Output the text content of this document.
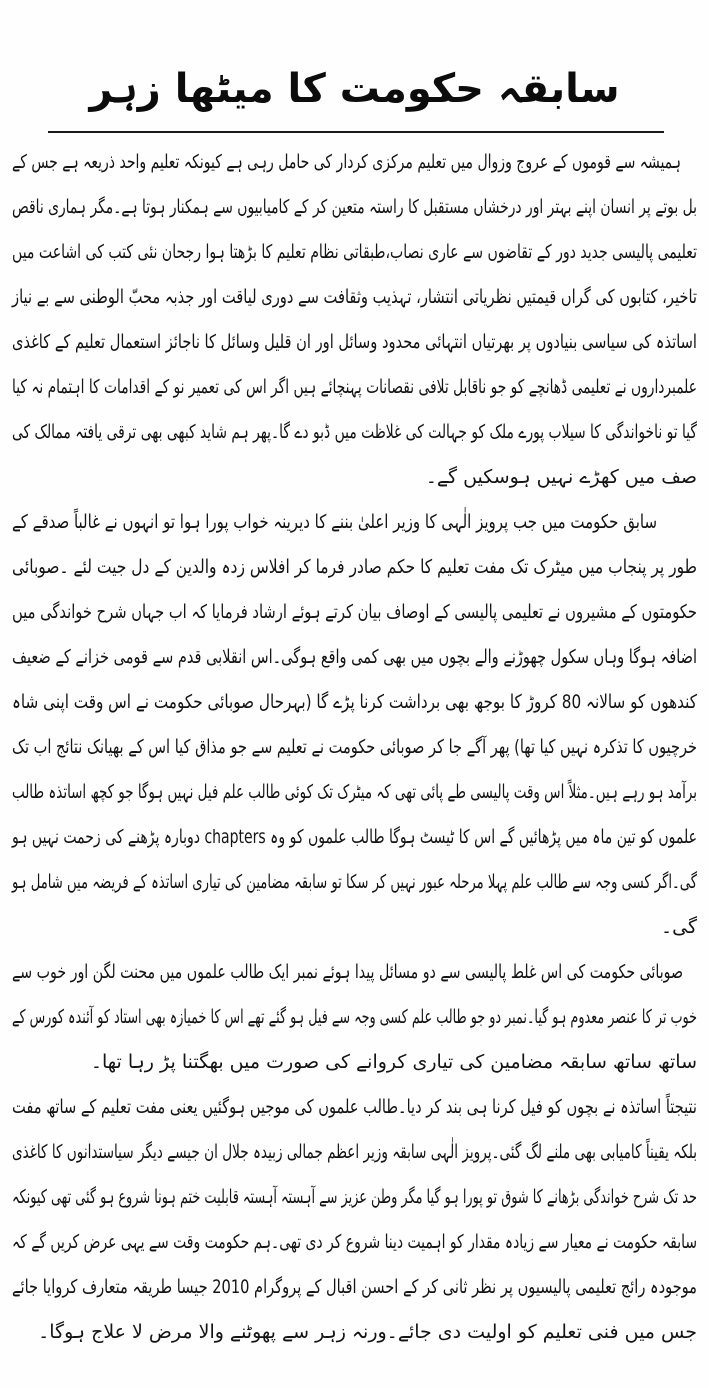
سابقہ حکومت کا میٹھا زہر
ہمیشہ سے قوموں کے عروج وزوال میں تعلیم مرکزی کردار کی حامل رہی ہے کیونکہ تعلیم واحد ذریعہ ہے جس کے
بل بوتے پر انسان اپنے بہتر اور درخشاں مستقبل کا راستہ متعین کر کے کامیابیوں سے ہمکنار ہوتا ہے۔مگر ہماری ناقص
تعلیمی پالیسی جدید دور کے تقاضوں سے عاری نصاب،طبقاتی نظام تعلیم کا بڑھتا ہوا رجحان نئی کتب کی اشاعت میں
تاخیر، کتابوں کی گراں قیمتیں نظریاتی انتشار، تہذیب وثقافت سے دوری لیاقت اور جذبہ محبّ الوطنی سے بے نیاز
اساتذہ کی سیاسی بنیادوں پر بھرتیاں انتہائی محدود وسائل اور ان قلیل وسائل کا ناجائز استعمال تعلیم کے کاغذی
علمبرداروں نے تعلیمی ڈھانچے کو جو ناقابل تلافی نقصانات پہنچائے ہیں اگر اس کی تعمیر نو کے اقدامات کا اہتمام نہ کیا
گیا تو ناخواندگی کا سیلاب پورے ملک کو جہالت کی غلاظت میں ڈبو دے گا۔پھر ہم شاید کبھی بھی ترقی یافتہ ممالک کی
صف میں کھڑے نہیں ہوسکیں گے۔
سابق حکومت میں جب پرویز الٰہی کا وزیر اعلیٰ بننے کا دیرینہ خواب پورا ہوا تو انہوں نے غالباً صدقے کے
طور پر پنجاب میں میٹرک تک مفت تعلیم کا حکم صادر فرما کر افلاس زدہ والدین کے دل جیت لئے ۔صوبائی
حکومتوں کے مشیروں نے تعلیمی پالیسی کے اوصاف بیان کرتے ہوئے ارشاد فرمایا کہ اب جہاں شرح خواندگی میں
اضافہ ہوگا وہاں سکول چھوڑنے والے بچوں میں بھی کمی واقع ہوگی۔اس انقلابی قدم سے قومی خزانے کے ضعیف
کندھوں کو سالانہ 80 کروڑ کا بوجھ بھی برداشت کرنا پڑے گا (بہرحال صوبائی حکومت نے اس وقت اپنی شاہ
خرچیوں کا تذکرہ نہیں کیا تھا) پھر آگے جا کر صوبائی حکومت نے تعلیم سے جو مذاق کیا اس کے بھیانک نتائج اب تک
برآمد ہو رہے ہیں۔مثلاً اس وقت پالیسی طے پائی تھی کہ میٹرک تک کوئی طالب علم فیل نہیں ہوگا جو کچھ اساتذہ طالب
علموں کو تین ماہ میں پڑھائیں گے اس کا ٹیسٹ ہوگا طالب علموں کو وہ chapters دوبارہ پڑھنے کی زحمت نہیں ہو
گی۔اگر کسی وجہ سے طالب علم پہلا مرحلہ عبور نہیں کر سکا تو سابقہ مضامین کی تیاری اساتذہ کے فریضہ میں شامل ہو
گی۔
صوبائی حکومت کی اس غلط پالیسی سے دو مسائل پیدا ہوئے نمبر ایک طالب علموں میں محنت لگن اور خوب سے
خوب تر کا عنصر معدوم ہو گیا۔نمبر دو جو طالب علم کسی وجہ سے فیل ہو گئے تھے اس کا خمیازہ بھی استاد کو آئندہ کورس کے
ساتھ ساتھ سابقہ مضامین کی تیاری کروانے کی صورت میں بھگتنا پڑ رہا تھا۔
نتیجتاً اساتذہ نے بچوں کو فیل کرنا ہی بند کر دیا۔طالب علموں کی موجیں ہوگئیں یعنی مفت تعلیم کے ساتھ مفت
بلکہ یقیناً کامیابی بھی ملنے لگ گئی۔پرویز الٰہی سابقہ وزیر اعظم جمالی زبیدہ جلال ان جیسے دیگر سیاستدانوں کا کاغذی
حد تک شرح خواندگی بڑھانے کا شوق تو پورا ہو گیا مگر وطن عزیز سے آہستہ آہستہ قابلیت ختم ہونا شروع ہو گئی تھی کیونکہ
سابقہ حکومت نے معیار سے زیادہ مقدار کو اہمیت دینا شروع کر دی تھی۔ہم حکومت وقت سے یہی عرض کریں گے کہ
موجودہ رائج تعلیمی پالیسیوں پر نظر ثانی کر کے احسن اقبال کے پروگرام 2010 جیسا طریقہ متعارف کروایا جائے
جس میں فنی تعلیم کو اولیت دی جائے۔ورنہ زہر سے پھوٹنے والا مرض لا علاج ہوگا۔
